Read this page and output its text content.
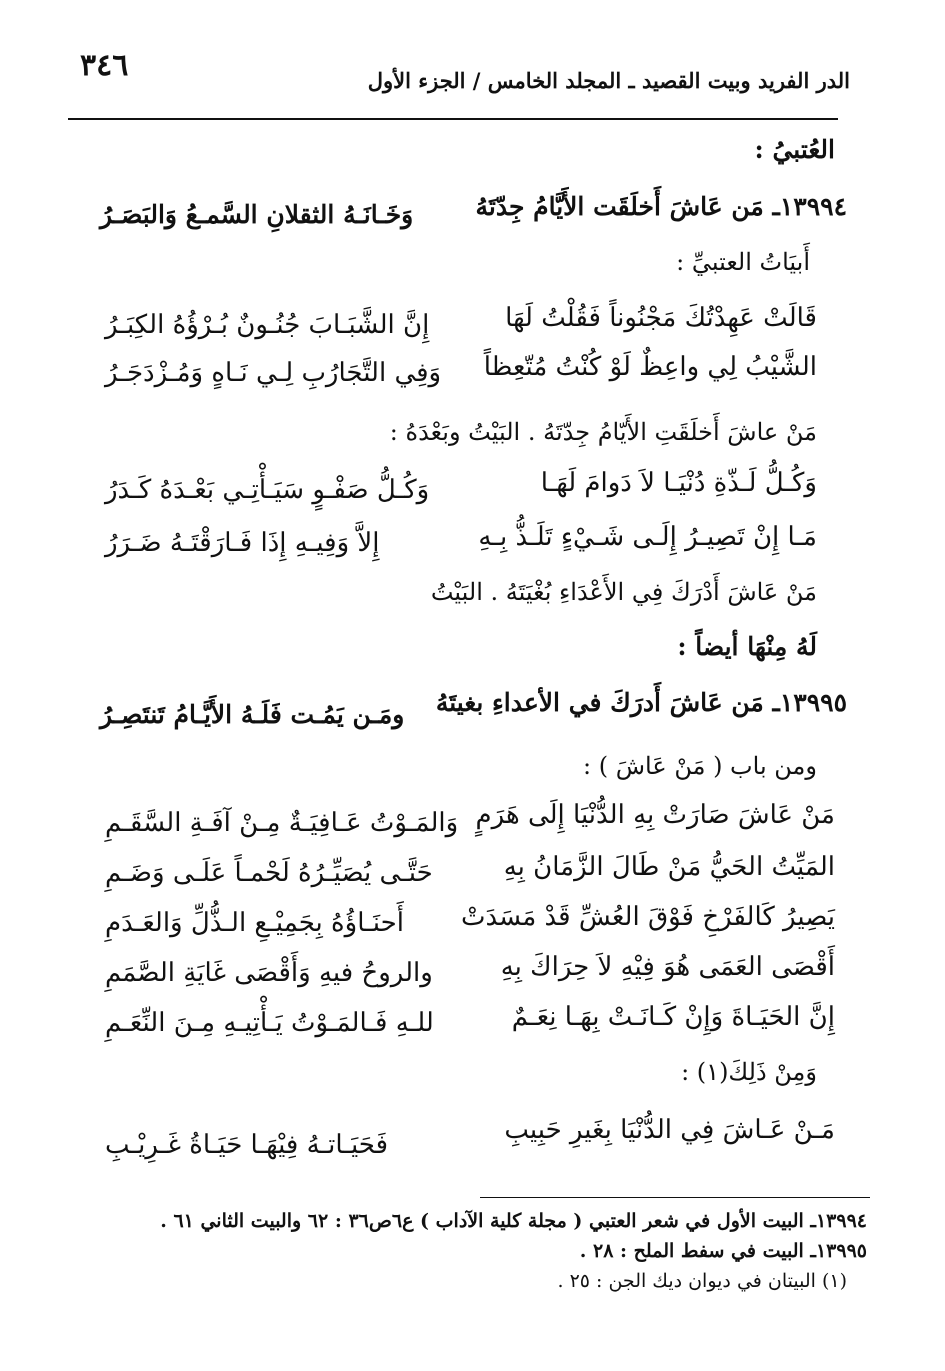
الدر الفريد وبيت القصيد ـ المجلد الخامس / الجزء الأول
٣٤٦
العُتبيُ :
١٣٩٩٤ـ مَن عَاشَ أَخلَقَت الأَيَّامُ جِدّتَهُ
وَخَـانَـهُ الثقلانِ السَّمـعُ وَالبَصَـرُ
أَبيَاتُ العتبيِّ :
قَالَتْ عَهِدْتُكَ مَجْنُوناً فَقُلْتُ لَهَا
إِنَّ الشَّبَـابَ جُنُـونٌ بُـرْؤُهُ الكِبَـرُ
الشَّيْبُ لِي واعِظٌ لَوْ كُنْتُ مُتّعِظاً
وَفِي التَّجَارُبِ لِـي نَـاهٍ وَمُـزْدَجَـرُ
مَنْ عاشَ أَخلَقَتِ الأَيّامُ جِدّتَهُ . البَيْتُ وبَعْدَهُ :
وَكُـلُّ لَـذّةِ دُنْيَـا لاَ دَوامَ لَهَـا
وَكُـلُّ صَفْـوٍ سَيَـأْتِـي بَعْـدَهُ كَـدَرُ
مَـا إِنْ تَصِيـرُ إِلَـى شَـيْءٍ تَلَـذُّ بِـهِ
إِلاَّ وَفِيـهِ إِذَا فَـارَقْتَـهُ ضَـرَرُ
مَنْ عَاشَ أَدْرَكَ فِي الأَعْدَاءِ بُغْيَتَهُ . البَيْتُ
لَهُ مِنْهَا أيضاً :
١٣٩٩٥ـ مَن عَاشَ أَدرَكَ في الأعداءِ بغيتَهُ
ومَـن يَمُـت فَلَـهُ الأَيَّـامُ تَنتَصِـرُ
ومن باب ( مَنْ عَاشَ ) :
مَنْ عَاشَ صَارَتْ بِهِ الدُّنْيَا إِلَى هَرَمٍ
وَالمَـوْتُ عَـافِيَـةٌ مِـنْ آفَـةِ السَّقَـمِ
المَيِّتُ الحَيُّ مَنْ طَالَ الزَّمَانُ بِهِ
حَتَّـى يُصَيِّـرُهُ لَحْمـاً عَلَـى وَضَـمِ
يَصِيرُ كَالفَرْخِ فَوْقَ العُشِّ قَدْ مَسَدَتْ
أَحنَـاؤُهُ بِجَمِيْـعِ الـذُّلِّ وَالعَـدَمِ
أَقْصَى العَمَى هُوَ فِيْهِ لاَ حِرَاكَ بِهِ
والروحُ فيهِ وَأَقْصَى غَايَةِ الصَّمَمِ
إِنَّ الحَيَـاةَ وَإِنْ كَـانَـتْ بِهَـا نِعَـمٌ
للـهِ فَـالمَـوْتُ يَـأْتِيـهِ مِـنَ النِّعَـمِ
وَمِنْ ذَلِكَ(١) :
مَـنْ عَـاشَ فِي الدُّنْيَا بِغَيرِ حَبِيبِ
فَحَيَـاتـهُ فِيْهَـا حَيَـاةُ غَـرِيْـبِ
١٣٩٩٤ـ البيت الأول في شعر العتبي ( مجلة كلية الآداب ) ع٦ص٣٦ : ٦٢ والبيت الثاني ٦١ .
١٣٩٩٥ـ البيت في سفط الملح : ٢٨ .
(١) البيتان في ديوان ديك الجن : ٢٥ .
